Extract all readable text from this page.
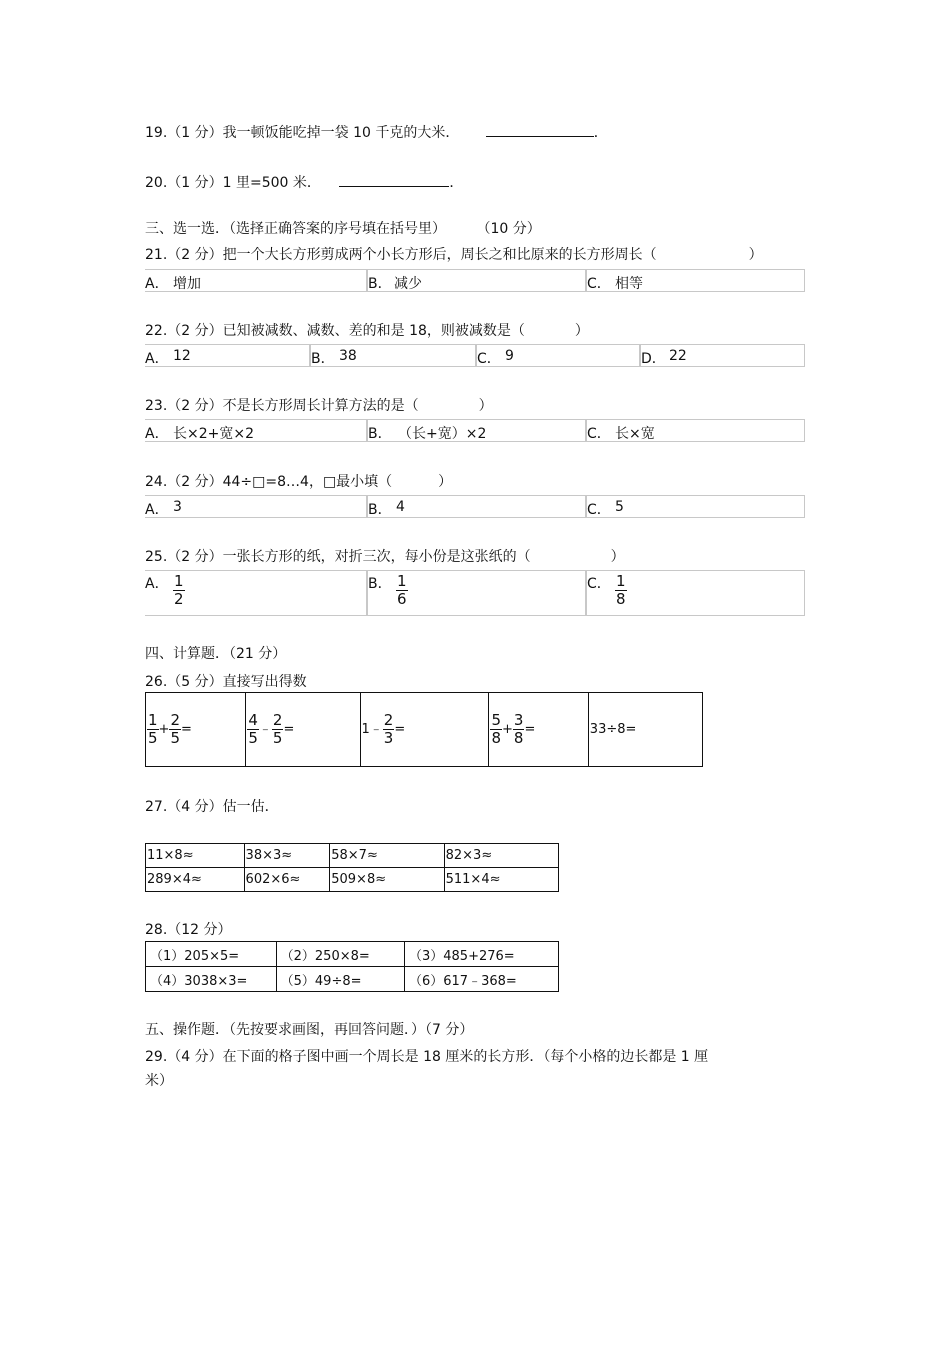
19.（1 分）我一顿饭能吃掉一袋 10 千克的大米．	．
20.（1 分）1 里=500 米．	．
三、选一选．（选择正确答案的序号填在括号里） （10 分）
21.（2 分）把一个大长方形剪成两个小长方形后，周长之和比原来的长方形周长（	）
A． 增加	B． 减少	C． 相等
22.（2 分）已知被减数、减数、差的和是 18，则被减数是（	）
A． 12	B． 38	C． 9	D． 22
23.（2 分）不是长方形周长计算方法的是（	）
A． 长×2+宽×2	B． （长+宽）×2	C． 长×宽
24.（2 分）44÷□=8…4，□最小填（	）
A． 3	B． 4	C． 5
25.（2 分）一张长方形的纸，对折三次，每小份是这张纸的（	）
A． $\frac{1}{2}$	B． $\frac{1}{6}$	C． $\frac{1}{8}$
四、计算题．（21 分）
26.（5 分）直接写出得数
$\frac{1}{5} + \frac{2}{5}$ =	$\frac{4}{5}$ ﹣ $\frac{2}{5}$ =	1﹣ $\frac{2}{3}$ =	$\frac{5}{8} + \frac{3}{8}$ =	33÷8=
27.（4 分）估一估．
11×8≈	38×3≈	58×7≈	82×3≈
289×4≈	602×6≈	509×8≈	511×4≈
28.（12 分）
（1）205×5=	（2）250×8=	（3）485+276=
（4）3038×3=	（5）49÷8=	（6）617﹣368=
五、操作题．（先按要求画图，再回答问题．）（7 分）
29.（4 分）在下面的格子图中画一个周长是 18 厘米的长方形．（每个小格的边长都是 1 厘
米）
